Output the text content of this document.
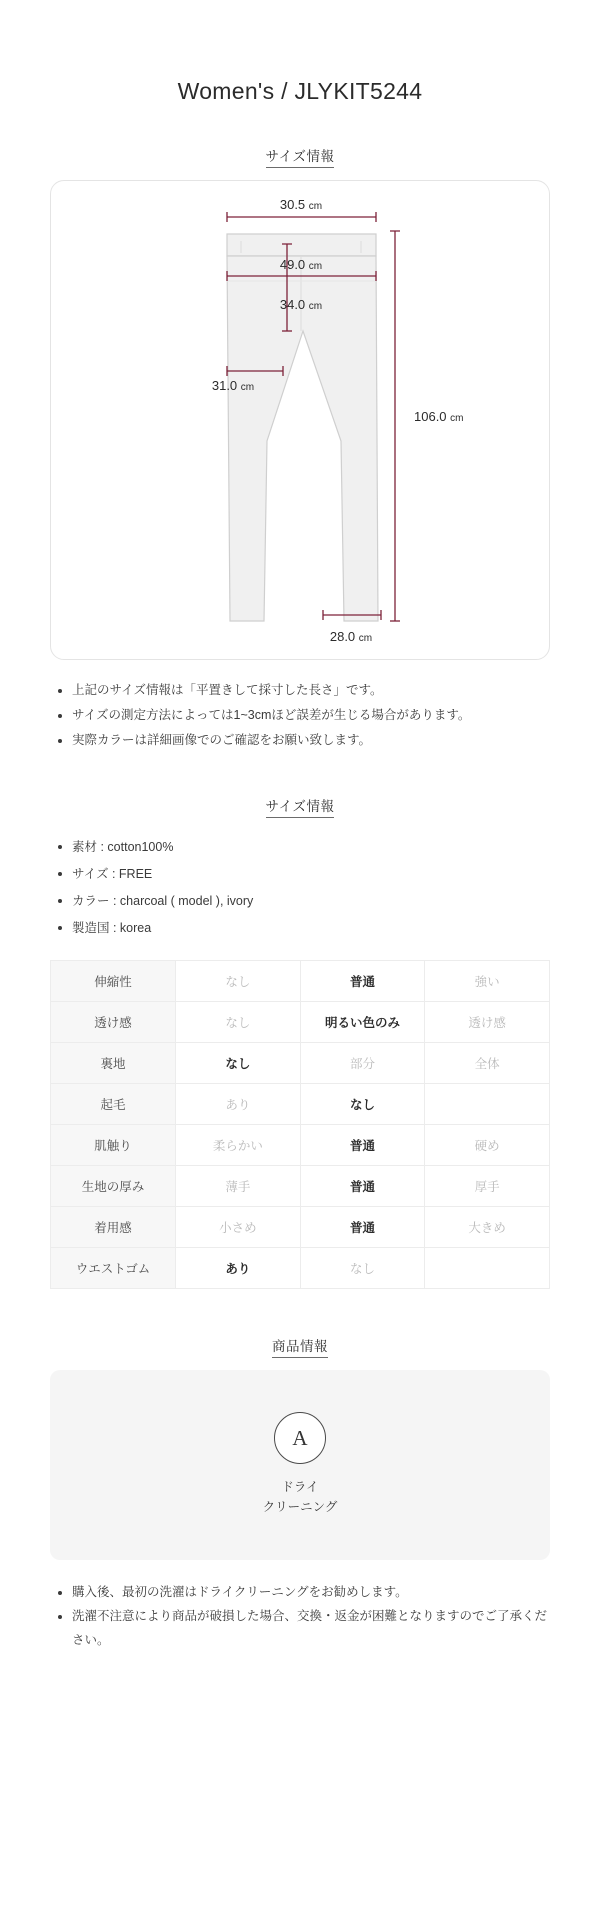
Women's / JLYKIT5244
サイズ情報
30.5 cm
49.0 cm
34.0 cm
31.0 cm
106.0 cm
28.0 cm
上記のサイズ情報は「平置きして採寸した長さ」です。
サイズの測定方法によっては1~3cmほど誤差が生じる場合があります。
実際カラーは詳細画像でのご確認をお願い致します。
サイズ情報
素材 : cotton100%
サイズ : FREE
カラー : charcoal ( model ), ivory
製造国 : korea
伸縮性	なし	普通	強い
透け感	なし	明るい色のみ	透け感
裏地	なし	部分	全体
起毛	あり	なし	
肌触り	柔らかい	普通	硬め
生地の厚み	薄手	普通	厚手
着用感	小さめ	普通	大きめ
ウエストゴム	あり	なし	
商品情報
A
ドライ
クリーニング
購入後、最初の洗濯はドライクリーニングをお勧めします。
洗濯不注意により商品が破損した場合、交換・返金が困難となりますのでご了承ください。
